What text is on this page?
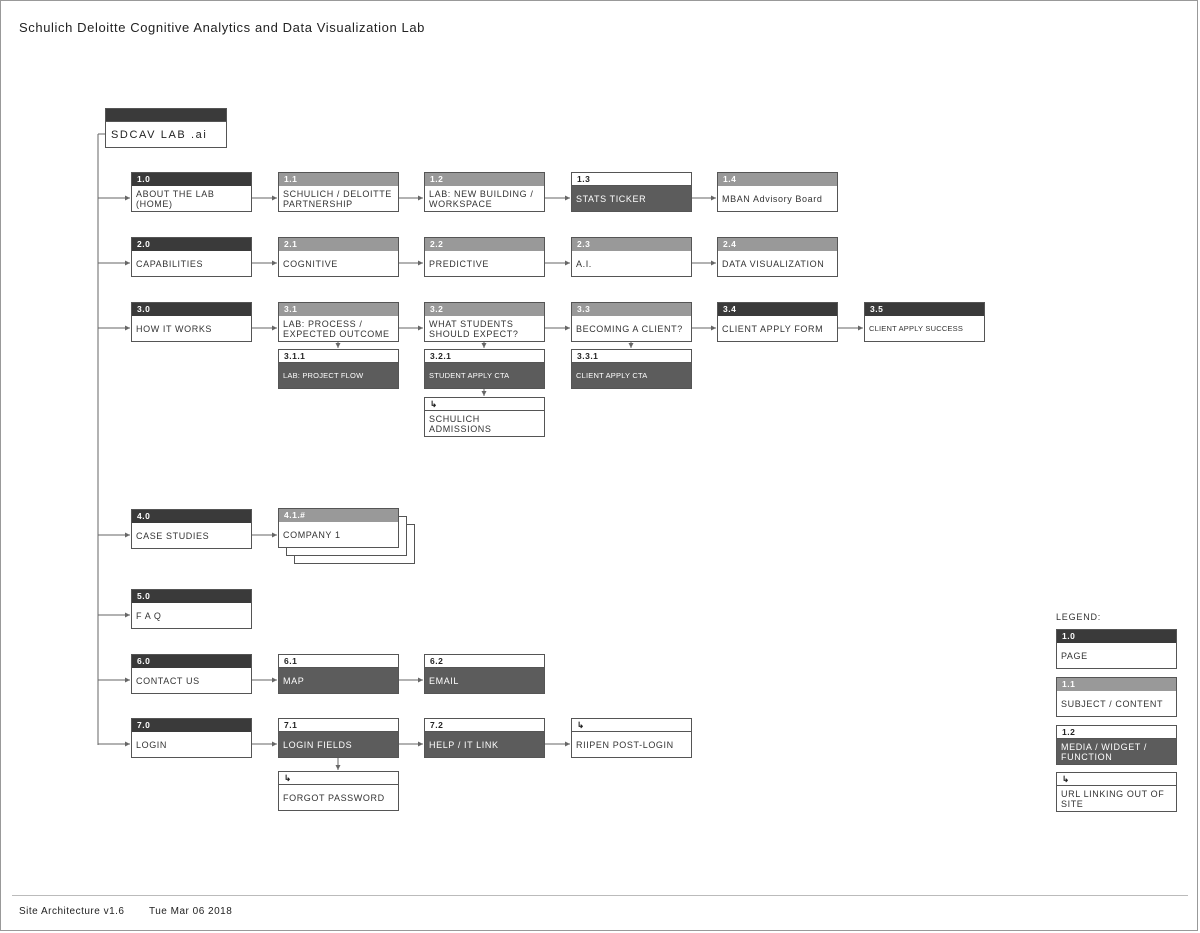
Schulich Deloitte Cognitive Analytics and Data Visualization Lab
SDCAV LAB .ai
1.0
ABOUT THE LAB
(HOME)
1.1
SCHULICH / DELOITTE
PARTNERSHIP
1.2
LAB: NEW BUILDING /
WORKSPACE
1.3
STATS TICKER
1.4
MBAN Advisory Board
2.0
CAPABILITIES
2.1
COGNITIVE
2.2
PREDICTIVE
2.3
A.I.
2.4
DATA VISUALIZATION
3.0
HOW IT WORKS
3.1
LAB: PROCESS /
EXPECTED OUTCOME
3.2
WHAT STUDENTS
SHOULD EXPECT?
3.3
BECOMING A CLIENT?
3.4
CLIENT APPLY FORM
3.5
CLIENT APPLY SUCCESS
3.1.1
LAB: PROJECT FLOW
3.2.1
STUDENT APPLY CTA
3.3.1
CLIENT APPLY CTA
↳
SCHULICH ADMISSIONS
4.0
CASE STUDIES
4.1.#
COMPANY 1
5.0
F A Q
6.0
CONTACT US
6.1
MAP
6.2
EMAIL
7.0
LOGIN
7.1
LOGIN FIELDS
7.2
HELP / IT LINK
↳
RIIPEN POST-LOGIN
↳
FORGOT PASSWORD
LEGEND:
1.0
PAGE
1.1
SUBJECT / CONTENT
1.2
MEDIA / WIDGET /
FUNCTION
↳
URL LINKING OUT OF SITE
Site Architecture v1.6 Tue Mar 06 2018
